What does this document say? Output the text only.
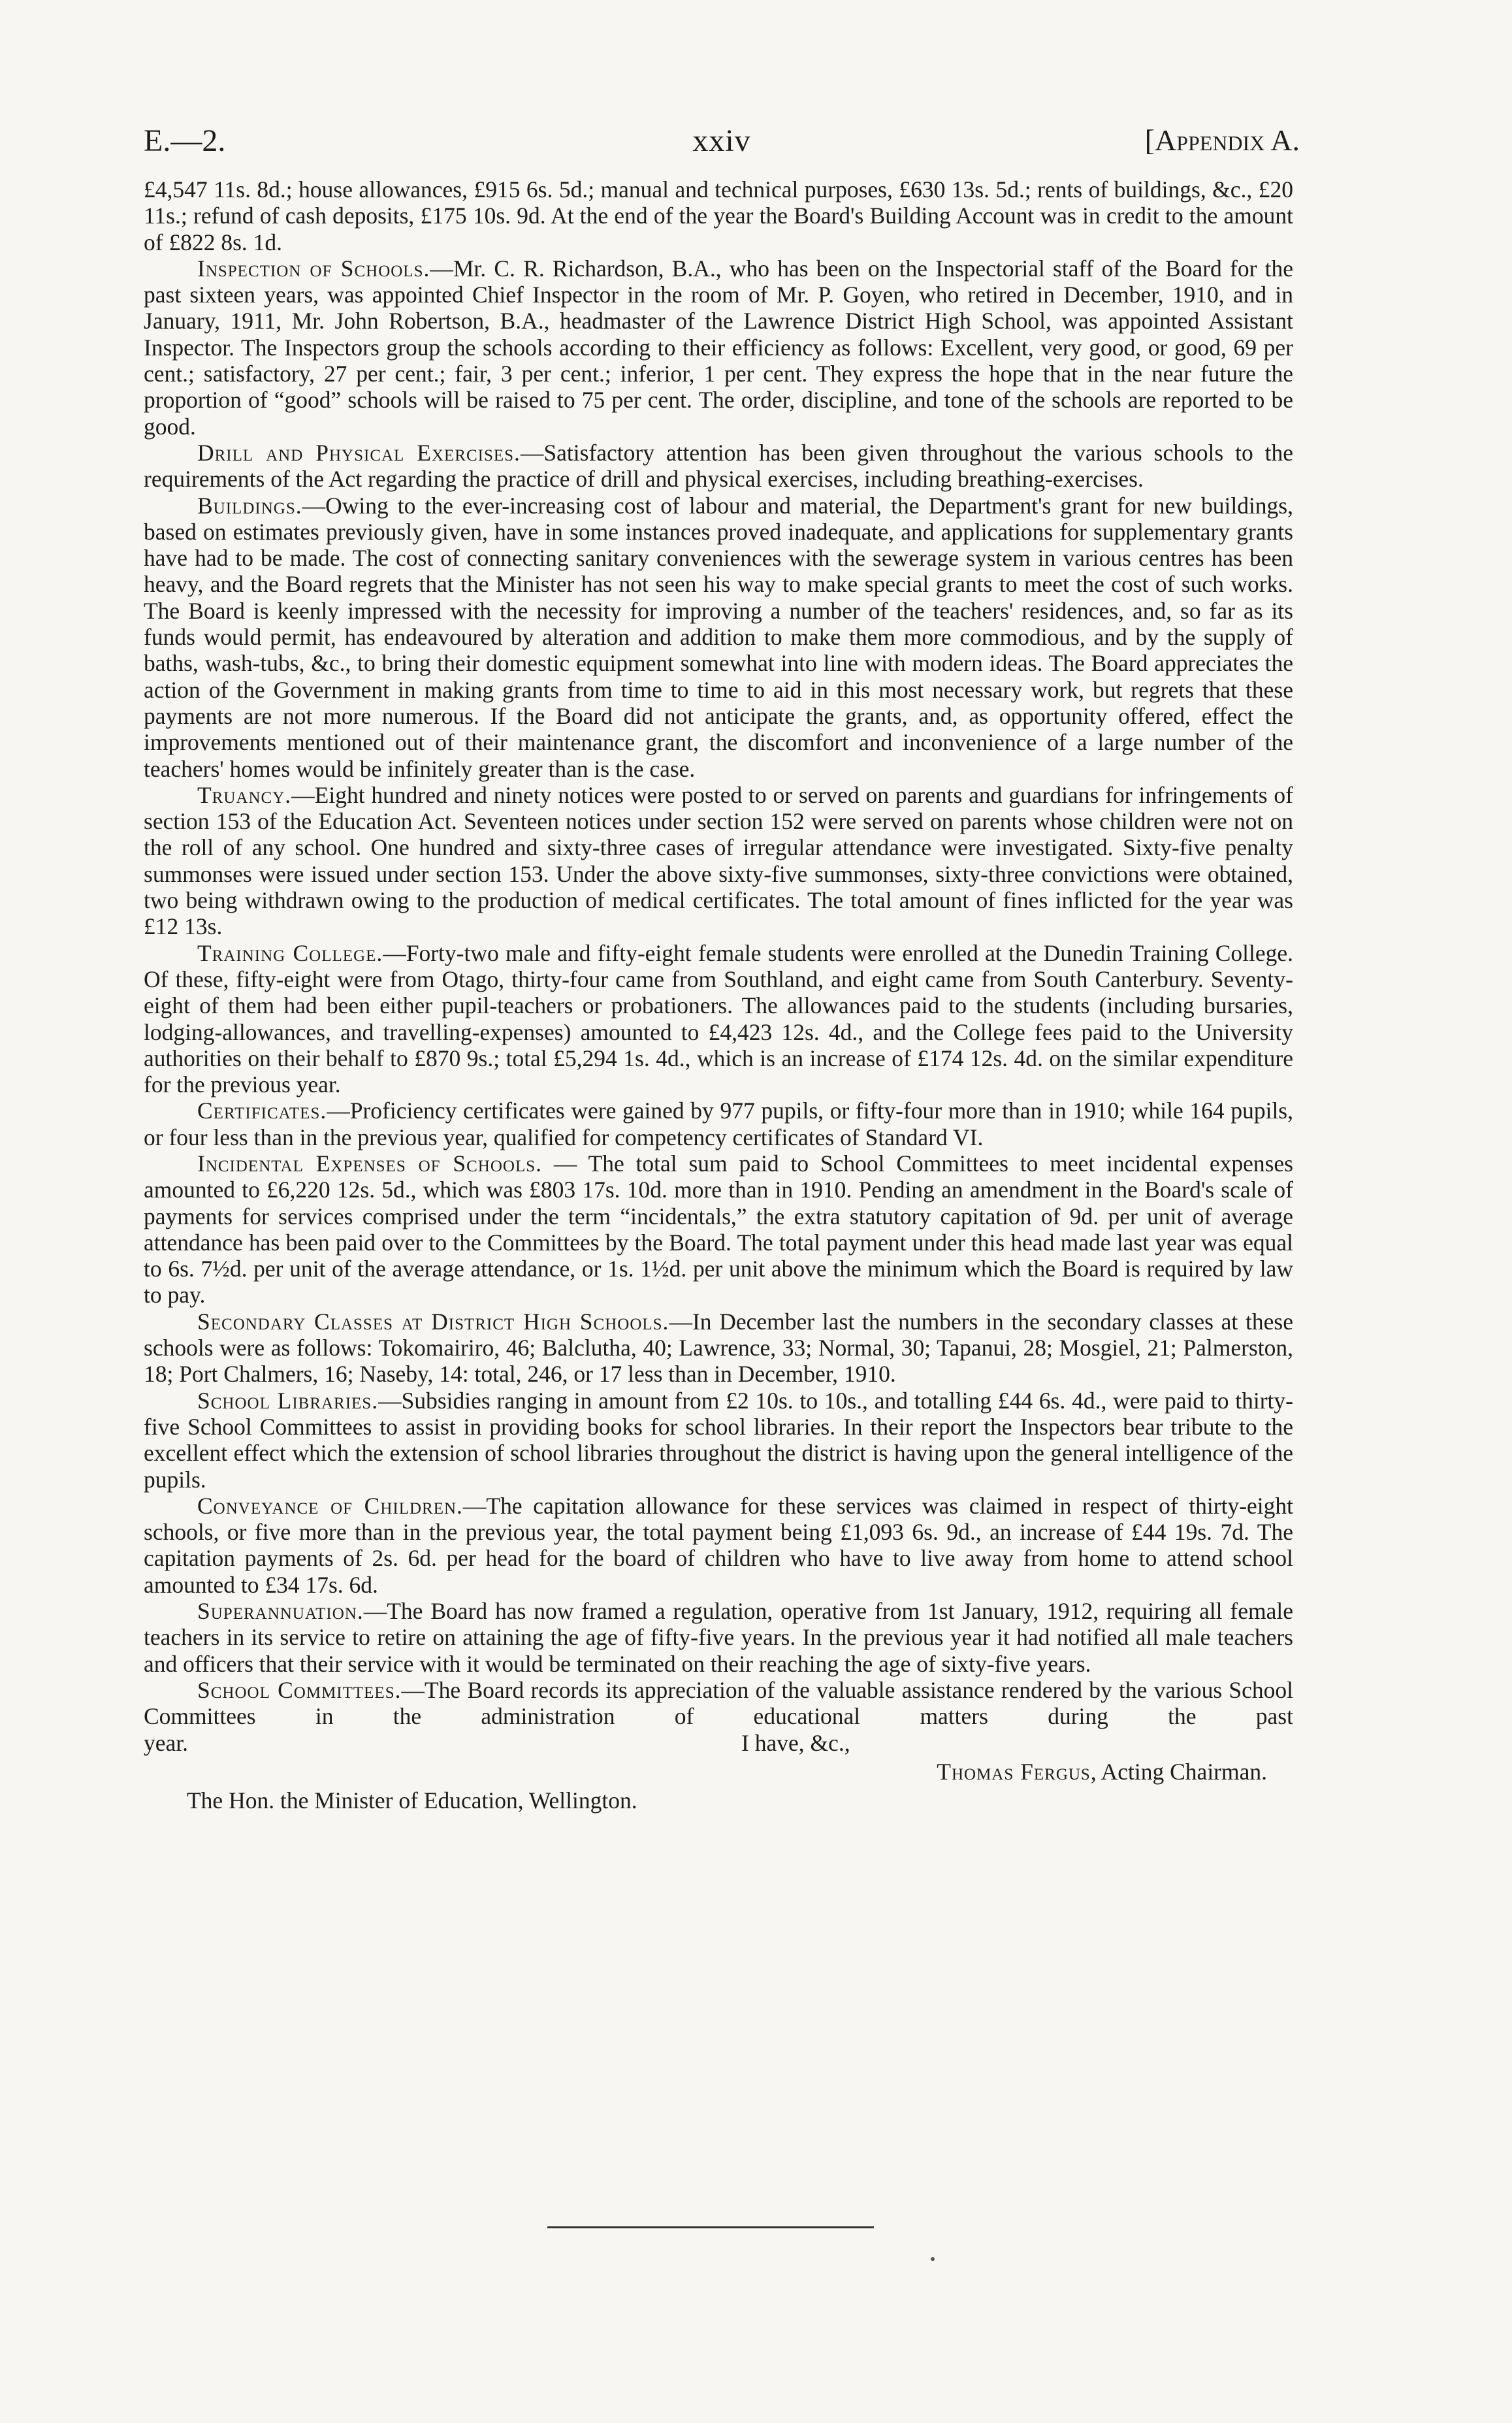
E.—2.	xxiv	[Appendix A.

£4,547 11s. 8d.; house allowances, £915 6s. 5d.; manual and technical purposes, £630 13s. 5d.; rents of buildings, &c., £20 11s.; refund of cash deposits, £175 10s. 9d. At the end of the year the Board's Building Account was in credit to the amount of £822 8s. 1d.

Inspection of Schools.—Mr. C. R. Richardson, B.A., who has been on the Inspectorial staff of the Board for the past sixteen years, was appointed Chief Inspector in the room of Mr. P. Goyen, who retired in December, 1910, and in January, 1911, Mr. John Robertson, B.A., headmaster of the Lawrence District High School, was appointed Assistant Inspector. The Inspectors group the schools according to their efficiency as follows: Excellent, very good, or good, 69 per cent.; satisfactory, 27 per cent.; fair, 3 per cent.; inferior, 1 per cent. They express the hope that in the near future the proportion of “good” schools will be raised to 75 per cent. The order, discipline, and tone of the schools are reported to be good.

Drill and Physical Exercises.—Satisfactory attention has been given throughout the various schools to the requirements of the Act regarding the practice of drill and physical exercises, including breathing-exercises.

Buildings.—Owing to the ever-increasing cost of labour and material, the Department's grant for new buildings, based on estimates previously given, have in some instances proved inadequate, and applications for supplementary grants have had to be made. The cost of connecting sanitary conveniences with the sewerage system in various centres has been heavy, and the Board regrets that the Minister has not seen his way to make special grants to meet the cost of such works. The Board is keenly impressed with the necessity for improving a number of the teachers' residences, and, so far as its funds would permit, has endeavoured by alteration and addition to make them more commodious, and by the supply of baths, wash-tubs, &c., to bring their domestic equipment somewhat into line with modern ideas. The Board appreciates the action of the Government in making grants from time to time to aid in this most necessary work, but regrets that these payments are not more numerous. If the Board did not anticipate the grants, and, as opportunity offered, effect the improvements mentioned out of their maintenance grant, the discomfort and inconvenience of a large number of the teachers' homes would be infinitely greater than is the case.

Truancy.—Eight hundred and ninety notices were posted to or served on parents and guardians for infringements of section 153 of the Education Act. Seventeen notices under section 152 were served on parents whose children were not on the roll of any school. One hundred and sixty-three cases of irregular attendance were investigated. Sixty-five penalty summonses were issued under section 153. Under the above sixty-five summonses, sixty-three convictions were obtained, two being withdrawn owing to the production of medical certificates. The total amount of fines inflicted for the year was £12 13s.

Training College.—Forty-two male and fifty-eight female students were enrolled at the Dunedin Training College. Of these, fifty-eight were from Otago, thirty-four came from Southland, and eight came from South Canterbury. Seventy-eight of them had been either pupil-teachers or probationers. The allowances paid to the students (including bursaries, lodging-allowances, and travelling-expenses) amounted to £4,423 12s. 4d., and the College fees paid to the University authorities on their behalf to £870 9s.; total £5,294 1s. 4d., which is an increase of £174 12s. 4d. on the similar expenditure for the previous year.

Certificates.—Proficiency certificates were gained by 977 pupils, or fifty-four more than in 1910; while 164 pupils, or four less than in the previous year, qualified for competency certificates of Standard VI.

Incidental Expenses of Schools. — The total sum paid to School Committees to meet incidental expenses amounted to £6,220 12s. 5d., which was £803 17s. 10d. more than in 1910. Pending an amendment in the Board's scale of payments for services comprised under the term “incidentals,” the extra statutory capitation of 9d. per unit of average attendance has been paid over to the Committees by the Board. The total payment under this head made last year was equal to 6s. 7½d. per unit of the average attendance, or 1s. 1½d. per unit above the minimum which the Board is required by law to pay.

Secondary Classes at District High Schools.—In December last the numbers in the secondary classes at these schools were as follows: Tokomairiro, 46; Balclutha, 40; Lawrence, 33; Normal, 30; Tapanui, 28; Mosgiel, 21; Palmerston, 18; Port Chalmers, 16; Naseby, 14: total, 246, or 17 less than in December, 1910.

School Libraries.—Subsidies ranging in amount from £2 10s. to 10s., and totalling £44 6s. 4d., were paid to thirty-five School Committees to assist in providing books for school libraries. In their report the Inspectors bear tribute to the excellent effect which the extension of school libraries throughout the district is having upon the general intelligence of the pupils.

Conveyance of Children.—The capitation allowance for these services was claimed in respect of thirty-eight schools, or five more than in the previous year, the total payment being £1,093 6s. 9d., an increase of £44 19s. 7d. The capitation payments of 2s. 6d. per head for the board of children who have to live away from home to attend school amounted to £34 17s. 6d.

Superannuation.—The Board has now framed a regulation, operative from 1st January, 1912, requiring all female teachers in its service to retire on attaining the age of fifty-five years. In the previous year it had notified all male teachers and officers that their service with it would be terminated on their reaching the age of sixty-five years.

School Committees.—The Board records its appreciation of the valuable assistance rendered by the various School Committees in the administration of educational matters during the past

year.	I have, &c.,

Thomas Fergus, Acting Chairman.

The Hon. the Minister of Education, Wellington.
